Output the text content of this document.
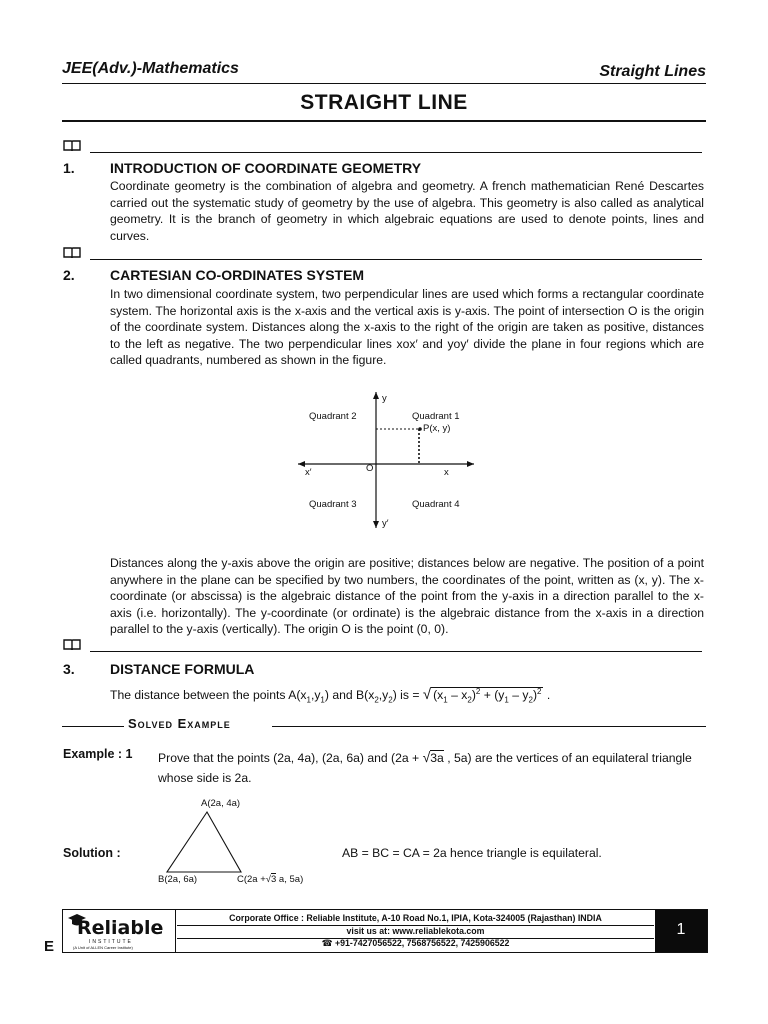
JEE(Adv.)-Mathematics	Straight Lines
STRAIGHT LINE
1.	INTRODUCTION OF COORDINATE GEOMETRY
Coordinate geometry is the combination of algebra and geometry. A french mathematician René Descartes carried out the systematic study of geometry by the use of algebra. This geometry is also called as analytical geometry. It is the branch of geometry in which algebraic equations are used to denote points, lines and curves.
2.	CARTESIAN CO-ORDINATES SYSTEM
In two dimensional coordinate system, two perpendicular lines are used which forms a rectangular coordinate system. The horizontal axis is the x-axis and the vertical axis is y-axis. The point of intersection O is the origin of the coordinate system. Distances along the x-axis to the right of the origin are taken as positive, distances to the left as negative. The two perpendicular lines xox′ and yoy′ divide the plane in four regions which are called quadrants, numbered as shown in the figure.
Quadrant 2	Quadrant 1
Quadrant 3	Quadrant 4
y
y′
x
x′	O
P(x, y)
Distances along the y-axis above the origin are positive; distances below are negative. The position of a point anywhere in the plane can be specified by two numbers, the coordinates of the point, written as (x, y). The x-coordinate (or abscissa) is the algebraic distance of the point from the y-axis in a direction parallel to the x-axis (i.e. horizontally). The y-coordinate (or ordinate) is the algebraic distance from the x-axis in a direction parallel to the y-axis (vertically). The origin O is the point (0, 0).
3.	DISTANCE FORMULA
The distance between the points $A(x_1,y_1)$ and $B(x_2,y_2)$ is = √ $(x_1 - x_2)^2 + (y_1 - y_2)^2$ .
Solved Example
Example : 1 Prove that the points (2a, 4a), (2a, 6a) and (2a + √3a , 5a) are the vertices of an equilateral triangle whose side is 2a.
A(2a, 4a)
B(2a, 6a)	C(2a +√3 a, 5a)
Solution :	AB = BC = CA = 2a hence triangle is equilateral.
E
Reliable
INSTITUTE
(A Unit of ALLEN Career Institute)
Corporate Office : Reliable Institute, A-10 Road No.1, IPIA, Kota-324005 (Rajasthan) INDIA
visit us at: www.reliablekota.com
☎ +91-7427056522, 7568756522, 7425906522
1
